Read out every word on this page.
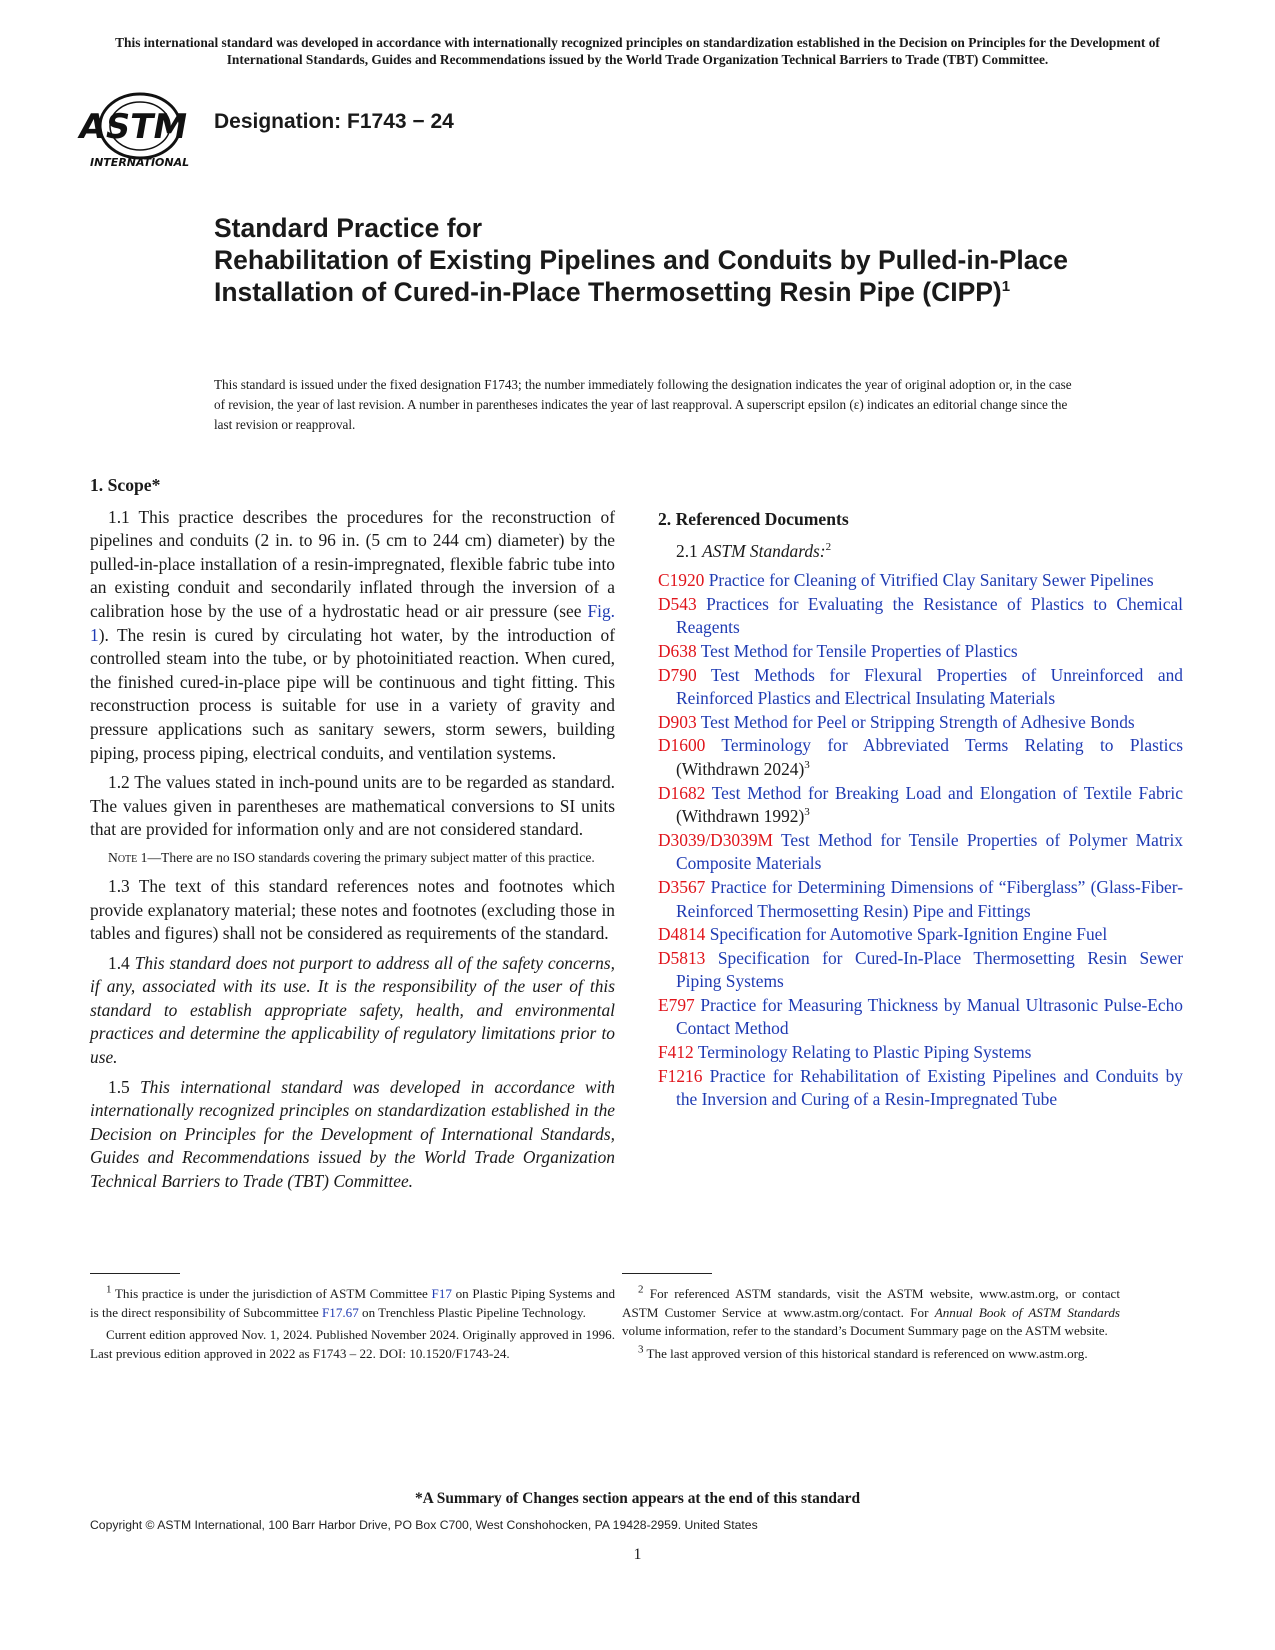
This international standard was developed in accordance with internationally recognized principles on standardization established in the Decision on Principles for the Development of International Standards, Guides and Recommendations issued by the World Trade Organization Technical Barriers to Trade (TBT) Committee.
ASTM
INTERNATIONAL
Designation: F1743 − 24
Standard Practice for
Rehabilitation of Existing Pipelines and Conduits by Pulled-in-Place Installation of Cured-in-Place Thermosetting Resin Pipe (CIPP)$^1$
This standard is issued under the fixed designation F1743; the number immediately following the designation indicates the year of original adoption or, in the case of revision, the year of last revision. A number in parentheses indicates the year of last reapproval. A superscript epsilon (ε) indicates an editorial change since the last revision or reapproval.
1. Scope*

1.1 This practice describes the procedures for the reconstruction of pipelines and conduits (2 in. to 96 in. (5 cm to 244 cm) diameter) by the pulled-in-place installation of a resin-impregnated, flexible fabric tube into an existing conduit and secondarily inflated through the inversion of a calibration hose by the use of a hydrostatic head or air pressure (see Fig. 1). The resin is cured by circulating hot water, by the introduction of controlled steam into the tube, or by photoinitiated reaction. When cured, the finished cured-in-place pipe will be continuous and tight fitting. This reconstruction process is suitable for use in a variety of gravity and pressure applications such as sanitary sewers, storm sewers, building piping, process piping, electrical conduits, and ventilation systems.

1.2 The values stated in inch-pound units are to be regarded as standard. The values given in parentheses are mathematical conversions to SI units that are provided for information only and are not considered standard.

Note 1—There are no ISO standards covering the primary subject matter of this practice.

1.3 The text of this standard references notes and footnotes which provide explanatory material; these notes and footnotes (excluding those in tables and figures) shall not be considered as requirements of the standard.

1.4 This standard does not purport to address all of the safety concerns, if any, associated with its use. It is the responsibility of the user of this standard to establish appropriate safety, health, and environmental practices and determine the applicability of regulatory limitations prior to use.

1.5 This international standard was developed in accordance with internationally recognized principles on standardization established in the Decision on Principles for the Development of International Standards, Guides and Recommendations issued by the World Trade Organization Technical Barriers to Trade (TBT) Committee.

2. Referenced Documents
2.1 ASTM Standards:$^2$

C1920 Practice for Cleaning of Vitrified Clay Sanitary Sewer Pipelines

D543 Practices for Evaluating the Resistance of Plastics to Chemical Reagents

D638 Test Method for Tensile Properties of Plastics

D790 Test Methods for Flexural Properties of Unreinforced and Reinforced Plastics and Electrical Insulating Materials

D903 Test Method for Peel or Stripping Strength of Adhesive Bonds

D1600 Terminology for Abbreviated Terms Relating to Plastics (Withdrawn 2024)$^3$

D1682 Test Method for Breaking Load and Elongation of Textile Fabric (Withdrawn 1992)$^3$

D3039/D3039M Test Method for Tensile Properties of Polymer Matrix Composite Materials

D3567 Practice for Determining Dimensions of “Fiberglass” (Glass-Fiber-Reinforced Thermosetting Resin) Pipe and Fittings

D4814 Specification for Automotive Spark-Ignition Engine Fuel

D5813 Specification for Cured-In-Place Thermosetting Resin Sewer Piping Systems

E797 Practice for Measuring Thickness by Manual Ultrasonic Pulse-Echo Contact Method

F412 Terminology Relating to Plastic Piping Systems

F1216 Practice for Rehabilitation of Existing Pipelines and Conduits by the Inversion and Curing of a Resin-Impregnated Tube

$^1$ This practice is under the jurisdiction of ASTM Committee F17 on Plastic Piping Systems and is the direct responsibility of Subcommittee F17.67 on Trenchless Plastic Pipeline Technology.

Current edition approved Nov. 1, 2024. Published November 2024. Originally approved in 1996. Last previous edition approved in 2022 as F1743 – 22. DOI: 10.1520/F1743-24.

$^2$ For referenced ASTM standards, visit the ASTM website, www.astm.org, or contact ASTM Customer Service at www.astm.org/contact. For Annual Book of ASTM Standards volume information, refer to the standard’s Document Summary page on the ASTM website.

$^3$ The last approved version of this historical standard is referenced on www.astm.org.

*A Summary of Changes section appears at the end of this standard
Copyright © ASTM International, 100 Barr Harbor Drive, PO Box C700, West Conshohocken, PA 19428-2959. United States
1
